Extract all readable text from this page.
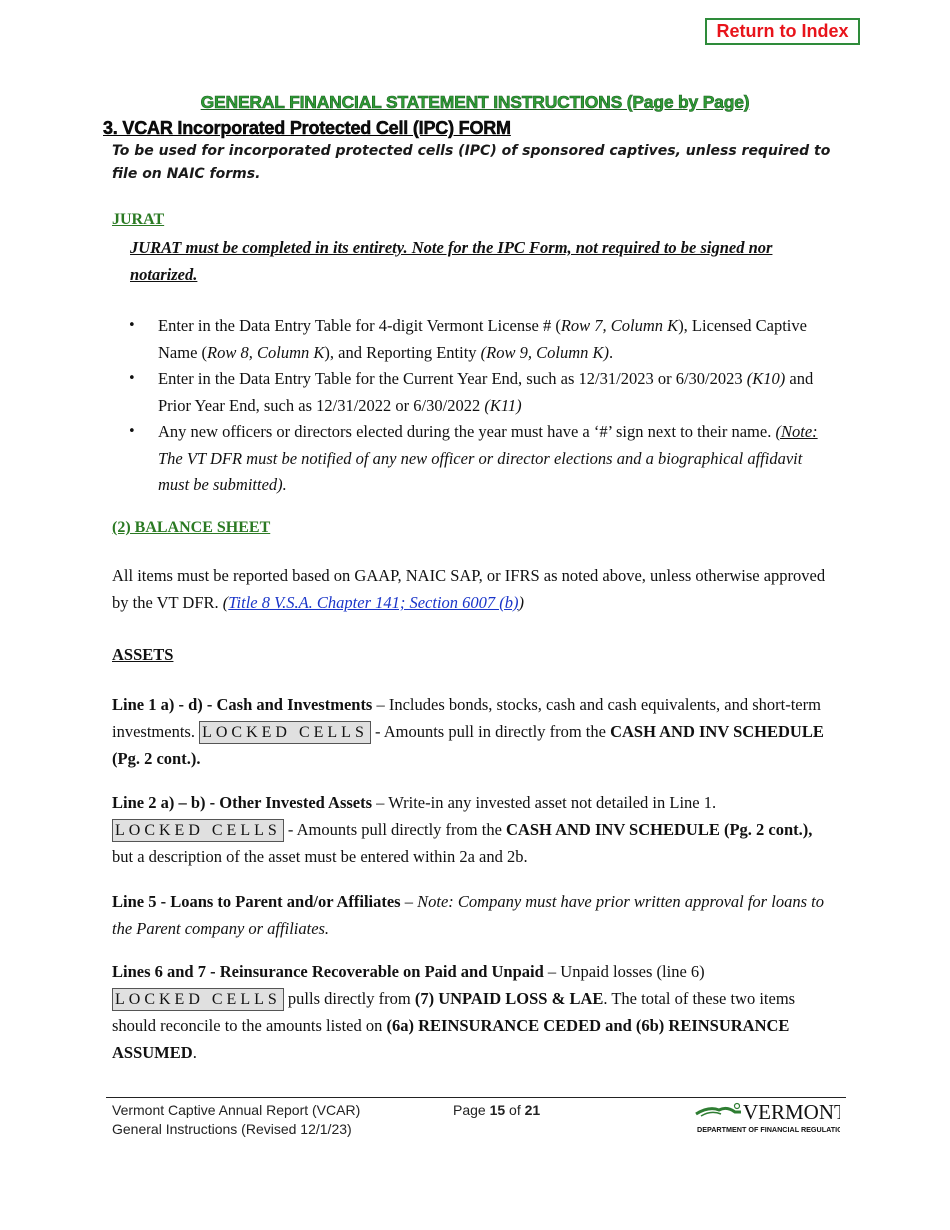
Return to Index
GENERAL FINANCIAL STATEMENT INSTRUCTIONS (Page by Page)
3. VCAR Incorporated Protected Cell (IPC) FORM
To be used for incorporated protected cells (IPC) of sponsored captives, unless required to file on NAIC forms.
JURAT
JURAT must be completed in its entirety. Note for the IPC Form, not required to be signed nor notarized.
• Enter in the Data Entry Table for 4-digit Vermont License # (Row 7, Column K), Licensed Captive Name (Row 8, Column K), and Reporting Entity (Row 9, Column K).
• Enter in the Data Entry Table for the Current Year End, such as 12/31/2023 or 6/30/2023 (K10) and Prior Year End, such as 12/31/2022 or 6/30/2022 (K11)
• Any new officers or directors elected during the year must have a ‘#’ sign next to their name. (Note: The VT DFR must be notified of any new officer or director elections and a biographical affidavit must be submitted).
(2) BALANCE SHEET
All items must be reported based on GAAP, NAIC SAP, or IFRS as noted above, unless otherwise approved by the VT DFR. (Title 8 V.S.A. Chapter 141; Section 6007 (b))
ASSETS
Line 1 a) - d) - Cash and Investments – Includes bonds, stocks, cash and cash equivalents, and short-term investments. LOCKED CELLS - Amounts pull in directly from the CASH AND INV SCHEDULE (Pg. 2 cont.).
Line 2 a) – b) - Other Invested Assets – Write-in any invested asset not detailed in Line 1. LOCKED CELLS - Amounts pull directly from the CASH AND INV SCHEDULE (Pg. 2 cont.), but a description of the asset must be entered within 2a and 2b.
Line 5 - Loans to Parent and/or Affiliates – Note: Company must have prior written approval for loans to the Parent company or affiliates.
Lines 6 and 7 - Reinsurance Recoverable on Paid and Unpaid – Unpaid losses (line 6) LOCKED CELLS pulls directly from (7) UNPAID LOSS & LAE. The total of these two items should reconcile to the amounts listed on (6a) REINSURANCE CEDED and (6b) REINSURANCE ASSUMED.
Vermont Captive Annual Report (VCAR)
General Instructions (Revised 12/1/23)
Page 15 of 21	VERMONT
DEPARTMENT OF FINANCIAL REGULATION
